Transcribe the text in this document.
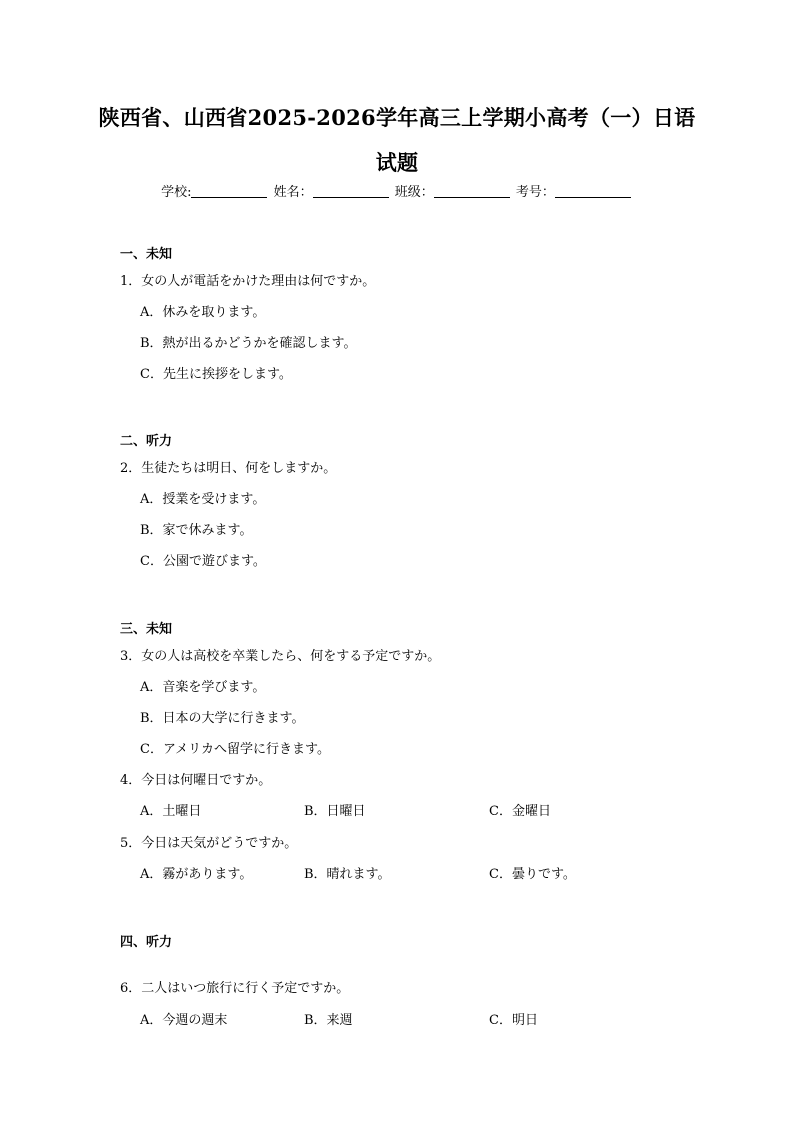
陕西省、山西省2025-2026学年高三上学期小高考（一）日语
试题
学校:	姓名：	班级：	考号：
一、未知
1．女の人が電話をかけた理由は何ですか。
A．休みを取ります。
B．熱が出るかどうかを確認します。
C．先生に挨拶をします。
二、听力
2．生徒たちは明日、何をしますか。
A．授業を受けます。
B．家で休みます。
C．公園で遊びます。
三、未知
3．女の人は高校を卒業したら、何をする予定ですか。
A．音楽を学びます。
B．日本の大学に行きます。
C．アメリカへ留学に行きます。
4．今日は何曜日ですか。
A．土曜日	B．日曜日	C．金曜日
5．今日は天気がどうですか。
A．霧があります。	B．晴れます。	C．曇りです。
四、听力
6．二人はいつ旅行に行く予定ですか。
A．今週の週末	B．来週	C．明日
